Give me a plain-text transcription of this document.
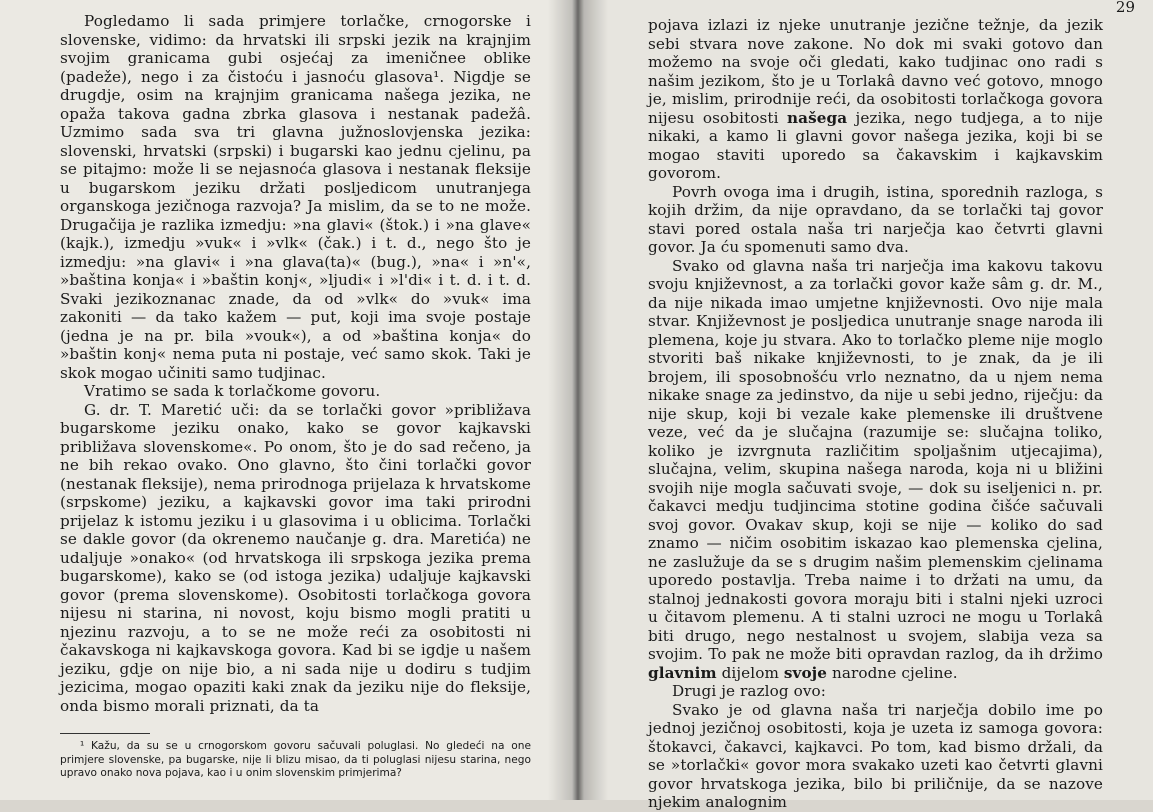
Pogledamo li sada primjere torlačke, crnogorske i slovenske, vidimo: da hrvatski ili srpski jezik na krajnjim svojim granicama gubi osjećaj za imeničnee oblike (padeže), nego i za čistoću i jasnoću glasova¹. Nigdje se drugdje, osim na krajnjim granicama našega jezika, ne opaža takova gadna zbrka glasova i nestanak padežâ. Uzmimo sada sva tri glavna južnoslovjenska jezika: slovenski, hrvatski (srpski) i bugarski kao jednu cjelinu, pa se pitajmo: može li se nejasnoća glasova i nestanak fleksije u bugarskom jeziku držati posljedicom unutranjega organskoga jezičnoga razvoja? Ja mislim, da se to ne može. Drugačija je razlika izmedju: »na glavi« (štok.) i »na glave« (kajk.), izmedju »vuk« i »vlk« (čak.) i t. d., nego što je izmedju: »na glavi« i »na glava(ta)« (bug.), »na« i »n'«, »baština konja« i »baštin konj«, »ljudi« i »l'di« i t. d. i t. d. Svaki jezikoznanac znade, da od »vlk« do »vuk« ima zakoniti — da tako kažem — put, koji ima svoje postaje (jedna je na pr. bila »vouk«), a od »baština konja« do »baštin konj« nema puta ni postaje, već samo skok. Taki je skok mogao učiniti samo tudjinac.

Vratimo se sada k torlačkome govoru.

G. dr. T. Maretić uči: da se torlački govor »približava bugarskome jeziku onako, kako se govor kajkavski približava slovenskome«. Po onom, što je do sad rečeno, ja ne bih rekao ovako. Ono glavno, što čini torlački govor (nestanak fleksije), nema prirodnoga prijelaza k hrvatskome (srpskome) jeziku, a kajkavski govor ima taki prirodni prijelaz k istomu jeziku i u glasovima i u oblicima. Torlački se dakle govor (da okrenemo naučanje g. dra. Maretića) ne udaljuje »onako« (od hrvatskoga ili srpskoga jezika prema bugarskome), kako se (od istoga jezika) udaljuje kajkavski govor (prema slovenskome). Osobitosti torlačkoga govora nijesu ni starina, ni novost, koju bismo mogli pratiti u njezinu razvoju, a to se ne može reći za osobitosti ni čakavskoga ni kajkavskoga govora. Kad bi se igdje u našem jeziku, gdje on nije bio, a ni sada nije u dodiru s tudjim jezicima, mogao opaziti kaki znak da jeziku nije do fleksije, onda bismo morali priznati, da ta

¹ Kažu, da su se u crnogorskom govoru sačuvali poluglasi. No gledeći na one primjere slovenske, pa bugarske, nije li blizu misao, da ti poluglasi nijesu starina, nego upravo onako nova pojava, kao i u onim slovenskim primjerima?
29

pojava izlazi iz njeke unutranje jezične težnje, da jezik sebi stvara nove zakone. No dok mi svaki gotovo dan možemo na svoje oči gledati, kako tudjinac ono radi s našim jezikom, što je u Torlakâ davno već gotovo, mnogo je, mislim, prirodnije reći, da osobitosti torlačkoga govora nijesu osobitosti našega jezika, nego tudjega, a to nije nikaki, a kamo li glavni govor našega jezika, koji bi se mogao staviti uporedo sa čakavskim i kajkavskim govorom.

Povrh ovoga ima i drugih, istina, sporednih razloga, s kojih držim, da nije opravdano, da se torlački taj govor stavi pored ostala naša tri narječja kao četvrti glavni govor. Ja ću spomenuti samo dva.

Svako od glavna naša tri narječja ima kakovu takovu svoju književnost, a za torlački govor kaže sâm g. dr. M., da nije nikada imao umjetne književnosti. Ovo nije mala stvar. Književnost je posljedica unutranje snage naroda ili plemena, koje ju stvara. Ako to torlačko pleme nije moglo stvoriti baš nikake književnosti, to je znak, da je ili brojem, ili sposobnošću vrlo neznatno, da u njem nema nikake snage za jedinstvo, da nije u sebi jedno, riječju: da nije skup, koji bi vezale kake plemenske ili društvene veze, već da je slučajna (razumije se: slučajna toliko, koliko je izvrgnuta različitim spoljašnim utjecajima), slučajna, velim, skupina našega naroda, koja ni u bližini svojih nije mogla sačuvati svoje, — dok su iseljenici n. pr. čakavci medju tudjincima stotine godina čišće sačuvali svoj govor. Ovakav skup, koji se nije — koliko do sad znamo — ničim osobitim iskazao kao plemenska cjelina, ne zaslužuje da se s drugim našim plemenskim cjelinama uporedo postavlja. Treba naime i to držati na umu, da stalnoj jednakosti govora moraju biti i stalni njeki uzroci u čitavom plemenu. A ti stalni uzroci ne mogu u Torlakâ biti drugo, nego nestalnost u svojem, slabija veza sa svojim. To pak ne može biti opravdan razlog, da ih držimo glavnim dijelom svoje narodne cjeline.

Drugi je razlog ovo:

Svako je od glavna naša tri narječja dobilo ime po jednoj jezičnoj osobitosti, koja je uzeta iz samoga govora: štokavci, čakavci, kajkavci. Po tom, kad bismo držali, da se »torlački« govor mora svakako uzeti kao četvrti glavni govor hrvatskoga jezika, bilo bi priličnije, da se nazove njekim analognim
